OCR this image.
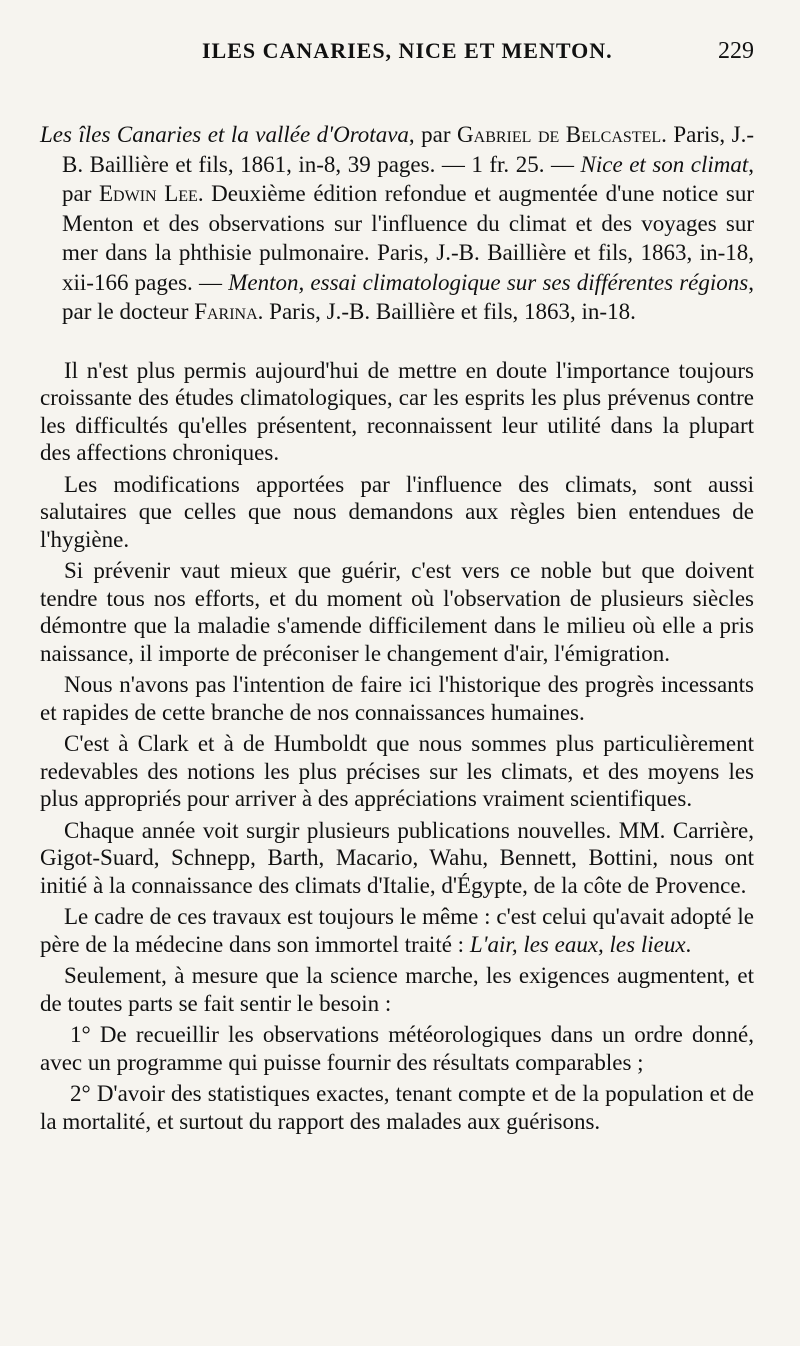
ILES CANARIES, NICE ET MENTON.	229

Les îles Canaries et la vallée d'Orotava, par Gabriel de Belcastel. Paris, J.-B. Baillière et fils, 1861, in-8, 39 pages. — 1 fr. 25. — Nice et son climat, par Edwin Lee. Deuxième édition refondue et augmentée d'une notice sur Menton et des observations sur l'influence du climat et des voyages sur mer dans la phthisie pulmonaire. Paris, J.-B. Baillière et fils, 1863, in-18, xii-166 pages. — Menton, essai climatologique sur ses différentes régions, par le docteur Farina. Paris, J.-B. Baillière et fils, 1863, in-18.

Il n'est plus permis aujourd'hui de mettre en doute l'importance toujours croissante des études climatologiques, car les esprits les plus prévenus contre les difficultés qu'elles présentent, reconnaissent leur utilité dans la plupart des affections chroniques.

Les modifications apportées par l'influence des climats, sont aussi salutaires que celles que nous demandons aux règles bien entendues de l'hygiène.

Si prévenir vaut mieux que guérir, c'est vers ce noble but que doivent tendre tous nos efforts, et du moment où l'observation de plusieurs siècles démontre que la maladie s'amende difficilement dans le milieu où elle a pris naissance, il importe de préconiser le changement d'air, l'émigration.

Nous n'avons pas l'intention de faire ici l'historique des progrès incessants et rapides de cette branche de nos connaissances humaines.

C'est à Clark et à de Humboldt que nous sommes plus particulièrement redevables des notions les plus précises sur les climats, et des moyens les plus appropriés pour arriver à des appréciations vraiment scientifiques.

Chaque année voit surgir plusieurs publications nouvelles. MM. Carrière, Gigot-Suard, Schnepp, Barth, Macario, Wahu, Bennett, Bottini, nous ont initié à la connaissance des climats d'Italie, d'Égypte, de la côte de Provence.

Le cadre de ces travaux est toujours le même : c'est celui qu'avait adopté le père de la médecine dans son immortel traité : L'air, les eaux, les lieux.

Seulement, à mesure que la science marche, les exigences augmentent, et de toutes parts se fait sentir le besoin :

1° De recueillir les observations météorologiques dans un ordre donné, avec un programme qui puisse fournir des résultats comparables ;

2° D'avoir des statistiques exactes, tenant compte et de la population et de la mortalité, et surtout du rapport des malades aux guérisons.
